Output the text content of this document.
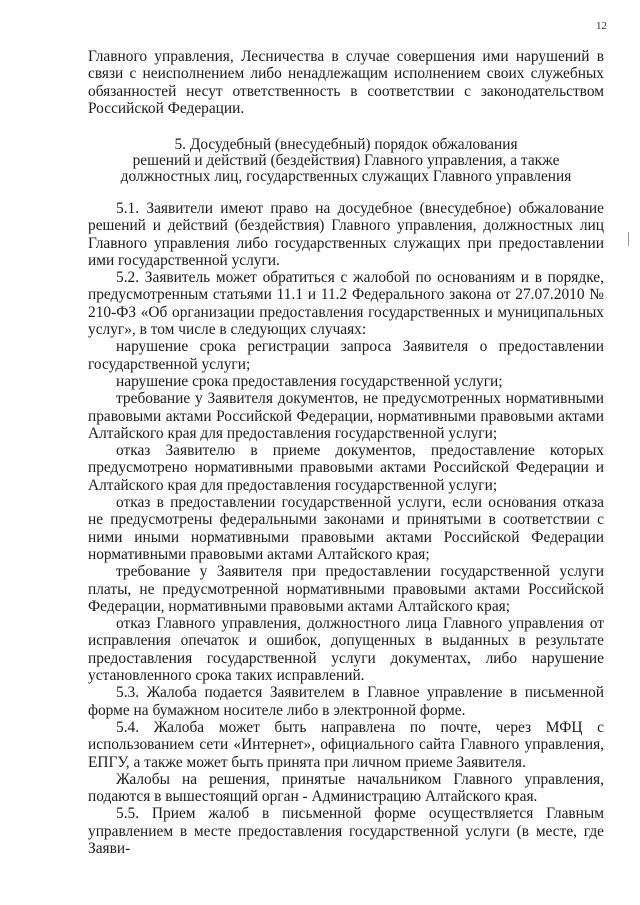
12

Главного управления, Лесничества в случае совершения ими нарушений в связи с неисполнением либо ненадлежащим исполнением своих служебных обязанностей несут ответственность в соответствии с законодательством Российской Федерации.

5. Досудебный (внесудебный) порядок обжалования

решений и действий (бездействия) Главного управления, а также

должностных лиц, государственных служащих Главного управления

5.1. Заявители имеют право на досудебное (внесудебное) обжалование решений и действий (бездействия) Главного управления, должностных лиц Главного управления либо государственных служащих при предоставлении ими государственной услуги.

5.2. Заявитель может обратиться с жалобой по основаниям и в порядке, предусмотренным статьями 11.1 и 11.2 Федерального закона от 27.07.2010 № 210-ФЗ «Об организации предоставления государственных и муниципальных услуг», в том числе в следующих случаях:

нарушение срока регистрации запроса Заявителя о предоставлении государственной услуги;

нарушение срока предоставления государственной услуги;

требование у Заявителя документов, не предусмотренных нормативными правовыми актами Российской Федерации, нормативными правовыми актами Алтайского края для предоставления государственной услуги;

отказ Заявителю в приеме документов, предоставление которых предусмотрено нормативными правовыми актами Российской Федерации и Алтайского края для предоставления государственной услуги;

отказ в предоставлении государственной услуги, если основания отказа не предусмотрены федеральными законами и принятыми в соответствии с ними иными нормативными правовыми актами Российской Федерации нормативными правовыми актами Алтайского края;

требование у Заявителя при предоставлении государственной услуги платы, не предусмотренной нормативными правовыми актами Российской Федерации, нормативными правовыми актами Алтайского края;

отказ Главного управления, должностного лица Главного управления от исправления опечаток и ошибок, допущенных в выданных в результате предоставления государственной услуги документах, либо нарушение установленного срока таких исправлений.

5.3. Жалоба подается Заявителем в Главное управление в письменной форме на бумажном носителе либо в электронной форме.

5.4. Жалоба может быть направлена по почте, через МФЦ с использованием сети «Интернет», официального сайта Главного управления, ЕПГУ, а также может быть принята при личном приеме Заявителя.

Жалобы на решения, принятые начальником Главного управления, подаются в вышестоящий орган - Администрацию Алтайского края.

5.5. Прием жалоб в письменной форме осуществляется Главным управлением в месте предоставления государственной услуги (в месте, где Заяви-
